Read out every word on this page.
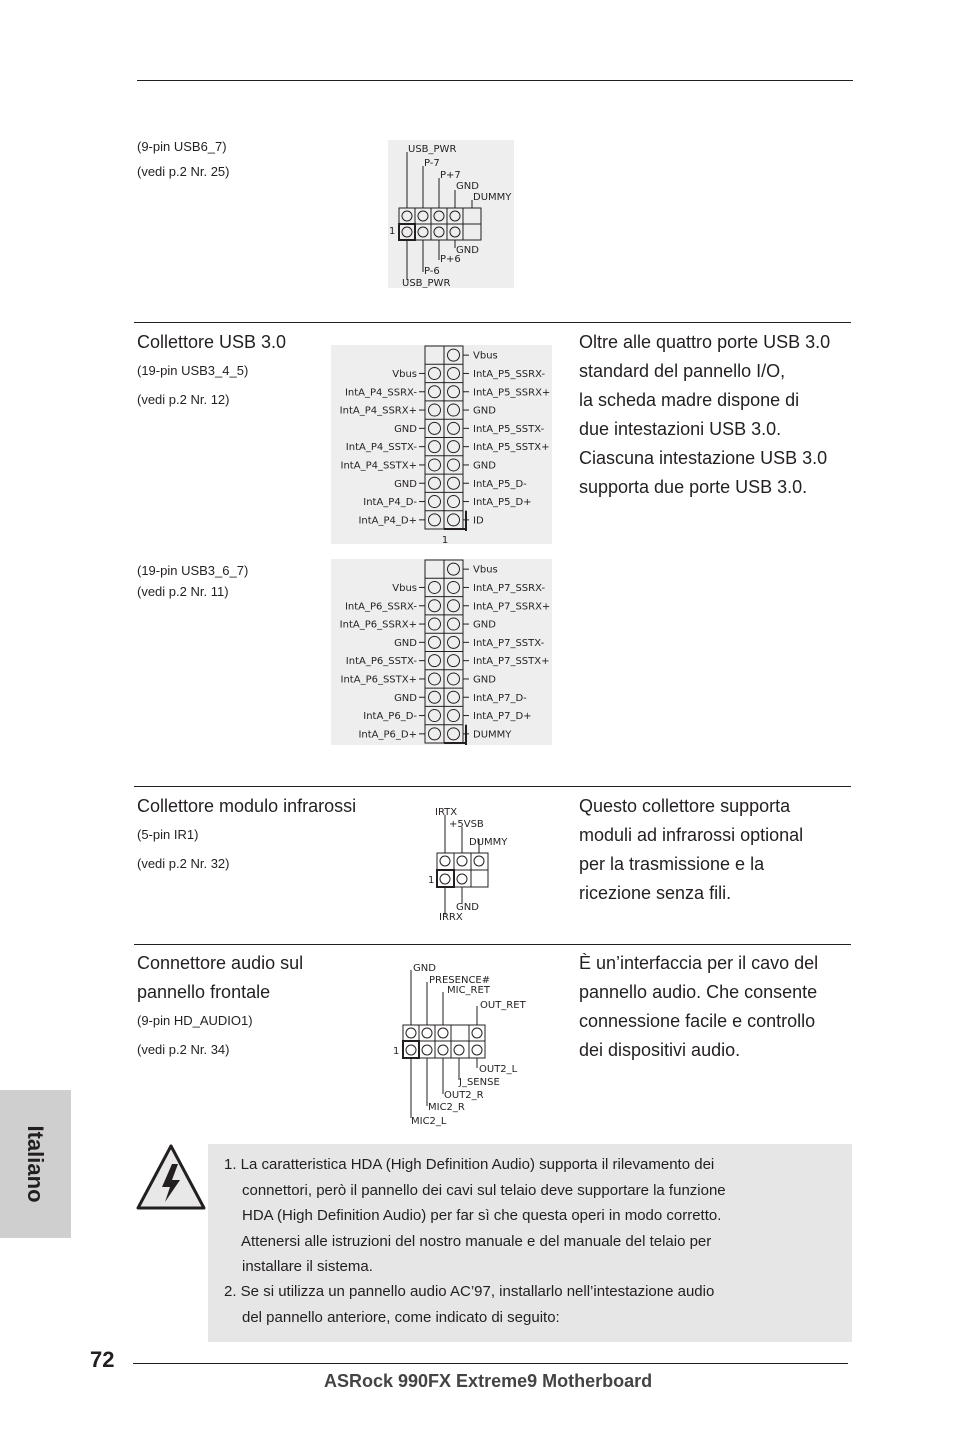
(9-pin USB6_7)
(vedi p.2 Nr. 25)
USB_PWR
P-7
P+7
GND
DUMMY
1
GND
P+6
P-6
USB_PWR
Collettore USB 3.0
(19-pin USB3_4_5)
(vedi p.2 Nr. 12)
Oltre alle quattro porte USB 3.0
standard del pannello I/O,
la scheda madre dispone di
due intestazioni USB 3.0.
Ciascuna intestazione USB 3.0
supporta due porte USB 3.0.
Vbus
IntA_P4_SSRX-
IntA_P4_SSRX+
GND
IntA_P4_SSTX-
IntA_P4_SSTX+
GND
IntA_P4_D-
IntA_P4_D+
Vbus
IntA_P5_SSRX-
IntA_P5_SSRX+
GND
IntA_P5_SSTX-
IntA_P5_SSTX+
GND
IntA_P5_D-
IntA_P5_D+
ID
1
(19-pin USB3_6_7)
(vedi p.2 Nr. 11)	Vbus
IntA_P6_SSRX-
IntA_P6_SSRX+
GND
IntA_P6_SSTX-
IntA_P6_SSTX+
GND
IntA_P6_D-
IntA_P6_D+
Vbus
IntA_P7_SSRX-
IntA_P7_SSRX+
GND
IntA_P7_SSTX-
IntA_P7_SSTX+
GND
IntA_P7_D-
IntA_P7_D+
DUMMY
Collettore modulo infrarossi
(5-pin IR1)
(vedi p.2 Nr. 32)
Questo collettore supporta
moduli ad infrarossi optional
per la trasmissione e la
ricezione senza fili.
IRTX
+5VSB
DUMMY
1
GND
IRRX
Connettore audio sul
pannello frontale
(9-pin HD_AUDIO1)
(vedi p.2 Nr. 34)
È un’interfaccia per il cavo del
pannello audio. Che consente
connessione facile e controllo
dei dispositivi audio.
GND
PRESENCE#
MIC_RET
OUT_RET
1
OUT2_L
J_SENSE
OUT2_R
MIC2_R
MIC2_L
1. La caratteristica HDA (High Definition Audio) supporta il rilevamento dei
connettori, però il pannello dei cavi sul telaio deve supportare la funzione
HDA (High Definition Audio) per far sì che questa operi in modo corretto.
Attenersi alle istruzioni del nostro manuale e del manuale del telaio per
installare il sistema.
2. Se si utilizza un pannello audio AC’97, installarlo nell’intestazione audio
del pannello anteriore, come indicato di seguito:
Italiano
72
ASRock 990FX Extreme9 Motherboard
